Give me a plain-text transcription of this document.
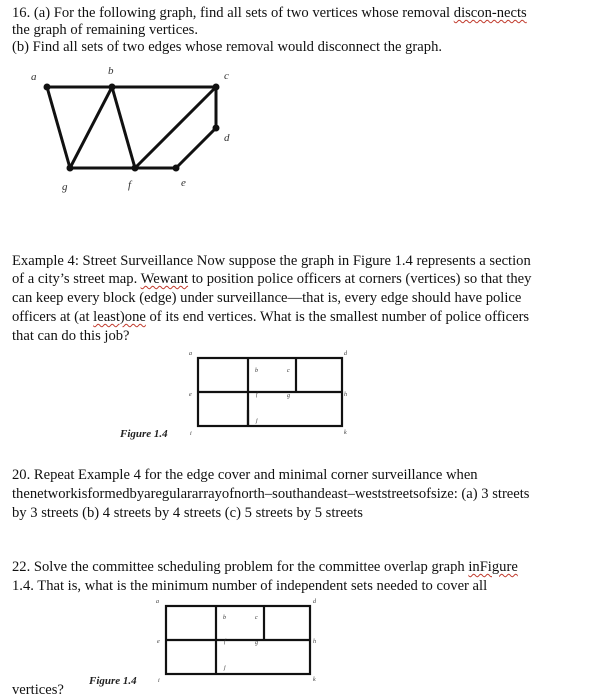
16. (a) For the following graph, find all sets of two vertices whose removal discon-nects
the graph of remaining vertices.
(b) Find all sets of two edges whose removal would disconnect the graph.
a	b	c
d
g	f	e
Example 4: Street Surveillance Now suppose the graph in Figure 1.4 represents a section
of a city’s street map. Wewant to position police officers at corners (vertices) so that they
can keep every block (edge) under surveillance—that is, every edge should have police
officers at (at least)one of its end vertices. What is the smallest number of police officers
that can do this job?
a
b	c
d
e	f	g	h
i
j
k
Figure 1.4
20. Repeat Example 4 for the edge cover and minimal corner surveillance when
thenetworkisformedbyaregulararrayofnorth–southandeast–weststreetsofsize: (a) 3 streets
by 3 streets (b) 4 streets by 4 streets (c) 5 streets by 5 streets
22. Solve the committee scheduling problem for the committee overlap graph inFigure
1.4. That is, what is the minimum number of independent sets needed to cover all
vertices?
a
b	c
d
e	f	g	h
i
j
k
Figure 1.4
